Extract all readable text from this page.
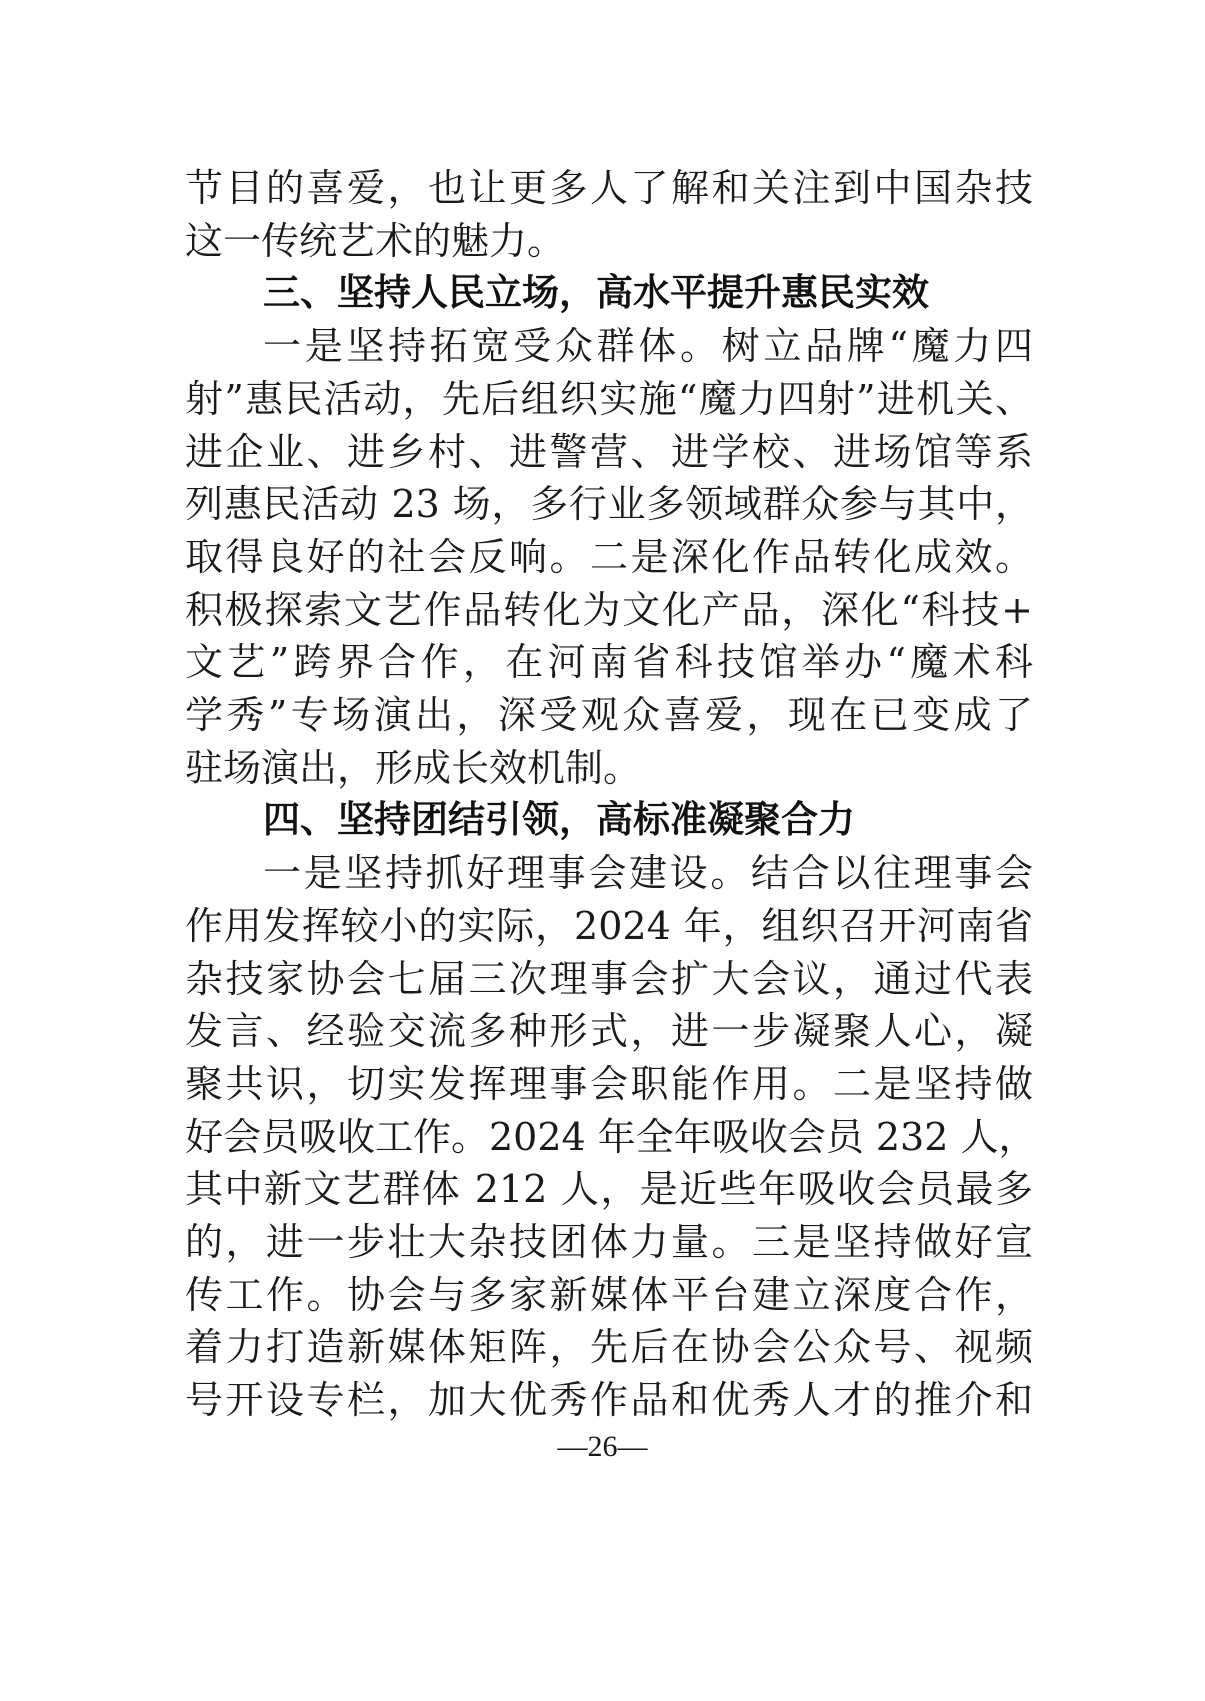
节目的喜爱，也让更多人了解和关注到中国杂技
这一传统艺术的魅力。
三、坚持人民立场，高水平提升惠民实效
一是坚持拓宽受众群体。树立品牌“魔力四
射”惠民活动，先后组织实施“魔力四射”进机关、
进企业、进乡村、进警营、进学校、进场馆等系
列惠民活动 23 场，多行业多领域群众参与其中，
取得良好的社会反响。二是深化作品转化成效。
积极探索文艺作品转化为文化产品，深化“科技+
文艺”跨界合作，在河南省科技馆举办“魔术科
学秀”专场演出，深受观众喜爱，现在已变成了
驻场演出，形成长效机制。
四、坚持团结引领，高标准凝聚合力
一是坚持抓好理事会建设。结合以往理事会
作用发挥较小的实际，2024 年，组织召开河南省
杂技家协会七届三次理事会扩大会议，通过代表
发言、经验交流多种形式，进一步凝聚人心，凝
聚共识，切实发挥理事会职能作用。二是坚持做
好会员吸收工作。2024 年全年吸收会员 232 人，
其中新文艺群体 212 人，是近些年吸收会员最多
的，进一步壮大杂技团体力量。三是坚持做好宣
传工作。协会与多家新媒体平台建立深度合作，
着力打造新媒体矩阵，先后在协会公众号、视频
号开设专栏，加大优秀作品和优秀人才的推介和
—26—
